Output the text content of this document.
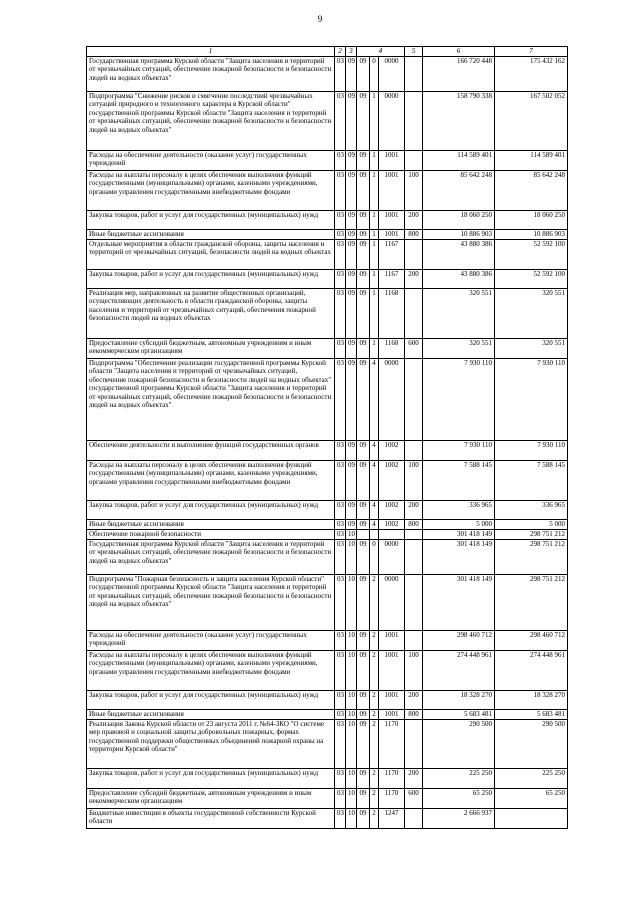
9
1	2	3	4			5	6	7
Государственная программа Курской области "Защита населения и территорий от чрезвычайных ситуаций, обеспечение пожарной безопасности и безопасности людей на водных объектах"	03	09	09	0	0000		166 720 448	175 432 162
Подпрограмма "Снижение рисков и смягчение последствий чрезвычайных ситуаций природного и техногенного характера в Курской области" государственной программы Курской области "Защита населения и территорий от чрезвычайных ситуаций, обеспечение пожарной безопасности и безопасности людей на водных объектах"	03	09	09	1	0000		158 790 338	167 502 052
Расходы на обеспечение деятельности (оказание услуг) государственных учреждений	03	09	09	1	1001		114 589 401	114 589 401
Расходы на выплаты персоналу в целях обеспечения выполнения функций государственными (муниципальными) органами, казенными учреждениями, органами управления государственными внебюджетными фондами	03	09	09	1	1001	100	85 642 248	85 642 248
Закупка товаров, работ и услуг для государственных (муниципальных) нужд	03	09	09	1	1001	200	18 060 250	18 060 250
Иные бюджетные ассигнования	03	09	09	1	1001	800	10 886 903	10 886 903
Отдельные мероприятия в области гражданской обороны, защиты населения и территорий от чрезвычайных ситуаций, безопасности людей на водных объектах	03	09	09	1	1167		43 880 386	52 592 100
Закупка товаров, работ и услуг для государственных (муниципальных) нужд	03	09	09	1	1167	200	43 880 386	52 592 100
Реализация мер, направленных на развитие общественных организаций, осуществляющих деятельность в области гражданской обороны, защиты населения и территорий от чрезвычайных ситуаций, обеспечения пожарной безопасности людей на водных объектах	03	09	09	1	1168		320 551	320 551
Предоставление субсидий бюджетным, автономным учреждениям и иным некоммерческим организациям	03	09	09	1	1168	600	320 551	320 551
Подпрограмма "Обеспечение реализации государственной программы Курской области "Защита населения и территорий от чрезвычайных ситуаций, обеспечение пожарной безопасности и безопасности людей на водных объектах" государственной программы Курской области "Защита населения и территорий от чрезвычайных ситуаций, обеспечение пожарной безопасности и безопасности людей на водных объектах"	03	09	09	4	0000		7 930 110	7 930 110
Обеспечение деятельности и выполнение функций государственных органов	03	09	09	4	1002		7 930 110	7 930 110
Расходы на выплаты персоналу в целях обеспечения выполнения функций государственными (муниципальными) органами, казенными учреждениями, органами управления государственными внебюджетными фондами	03	09	09	4	1002	100	7 588 145	7 588 145
Закупка товаров, работ и услуг для государственных (муниципальных) нужд	03	09	09	4	1002	200	336 965	336 965
Иные бюджетные ассигнования	03	09	09	4	1002	800	5 000	5 000
Обеспечение пожарной безопасности	03	10					301 418 149	298 751 212
Государственная программа Курской области "Защита населения и территорий от чрезвычайных ситуаций, обеспечение пожарной безопасности и безопасности людей на водных объектах"	03	10	09	0	0000		301 418 149	298 751 212
Подпрограмма "Пожарная безопасность и защита населения Курской области" государственной программы Курской области "Защита населения и территорий от чрезвычайных ситуаций, обеспечение пожарной безопасности и безопасности людей на водных объектах"	03	10	09	2	0000		301 418 149	298 751 212
Расходы на обеспечение деятельности (оказание услуг) государственных учреждений	03	10	09	2	1001		298 460 712	298 460 712
Расходы на выплаты персоналу в целях обеспечения выполнения функций государственными (муниципальными) органами, казенными учреждениями, органами управления государственными внебюджетными фондами	03	10	09	2	1001	100	274 448 961	274 448 961
Закупка товаров, работ и услуг для государственных (муниципальных) нужд	03	10	09	2	1001	200	18 328 270	18 328 270
Иные бюджетные ассигнования	03	10	09	2	1001	800	5 683 481	5 683 481
Реализация Закона Курской области от 23 августа 2011 г. №64-ЗКО "О системе мер правовой и социальной защиты добровольных пожарных, формах государственной поддержки общественных объединений пожарной охраны на территории Курской области"	03	10	09	2	1170		290 500	290 500
Закупка товаров, работ и услуг для государственных (муниципальных) нужд	03	10	09	2	1170	200	225 250	225 250
Предоставление субсидий бюджетным, автономным учреждениям и иным некоммерческим организациям	03	10	09	2	1170	600	65 250	65 250
Бюджетные инвестиции в объекты государственной собственности Курской области	03	10	09	2	1247		2 666 937	
